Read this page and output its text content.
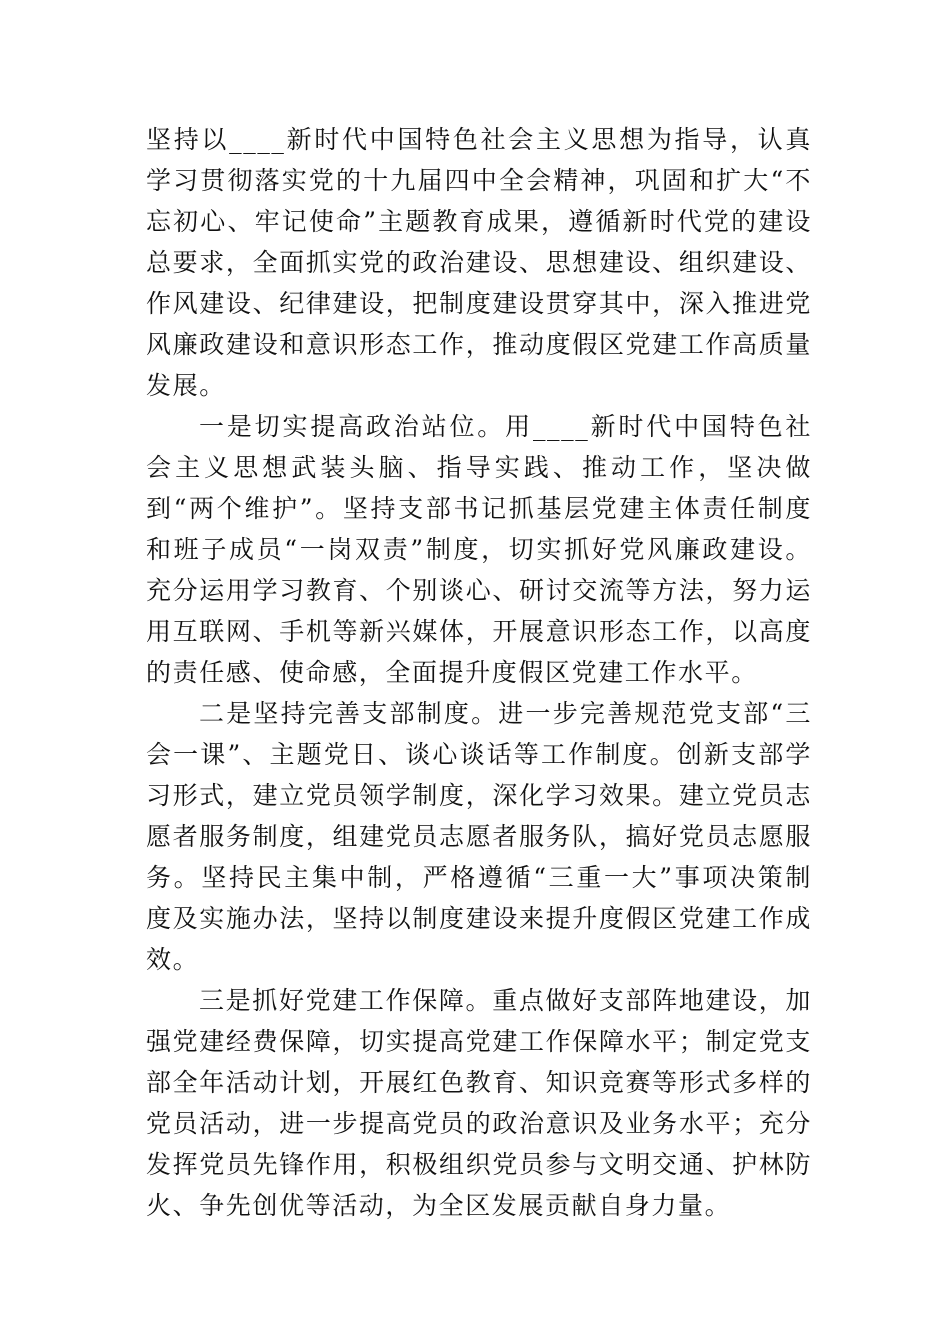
坚持以____新时代中国特色社会主义思想为指导，认真学习贯彻落实党的十九届四中全会精神，巩固和扩大“不忘初心、牢记使命”主题教育成果，遵循新时代党的建设总要求，全面抓实党的政治建设、思想建设、组织建设、作风建设、纪律建设，把制度建设贯穿其中，深入推进党风廉政建设和意识形态工作，推动度假区党建工作高质量发展。

一是切实提高政治站位。用____新时代中国特色社会主义思想武装头脑、指导实践、推动工作，坚决做到“两个维护”。坚持支部书记抓基层党建主体责任制度和班子成员“一岗双责”制度，切实抓好党风廉政建设。充分运用学习教育、个别谈心、研讨交流等方法，努力运用互联网、手机等新兴媒体，开展意识形态工作，以高度的责任感、使命感，全面提升度假区党建工作水平。

二是坚持完善支部制度。进一步完善规范党支部“三会一课”、主题党日、谈心谈话等工作制度。创新支部学习形式，建立党员领学制度，深化学习效果。建立党员志愿者服务制度，组建党员志愿者服务队，搞好党员志愿服务。坚持民主集中制，严格遵循“三重一大”事项决策制度及实施办法，坚持以制度建设来提升度假区党建工作成效。

三是抓好党建工作保障。重点做好支部阵地建设，加强党建经费保障，切实提高党建工作保障水平；制定党支部全年活动计划，开展红色教育、知识竞赛等形式多样的党员活动，进一步提高党员的政治意识及业务水平；充分发挥党员先锋作用，积极组织党员参与文明交通、护林防火、争先创优等活动，为全区发展贡献自身力量。
